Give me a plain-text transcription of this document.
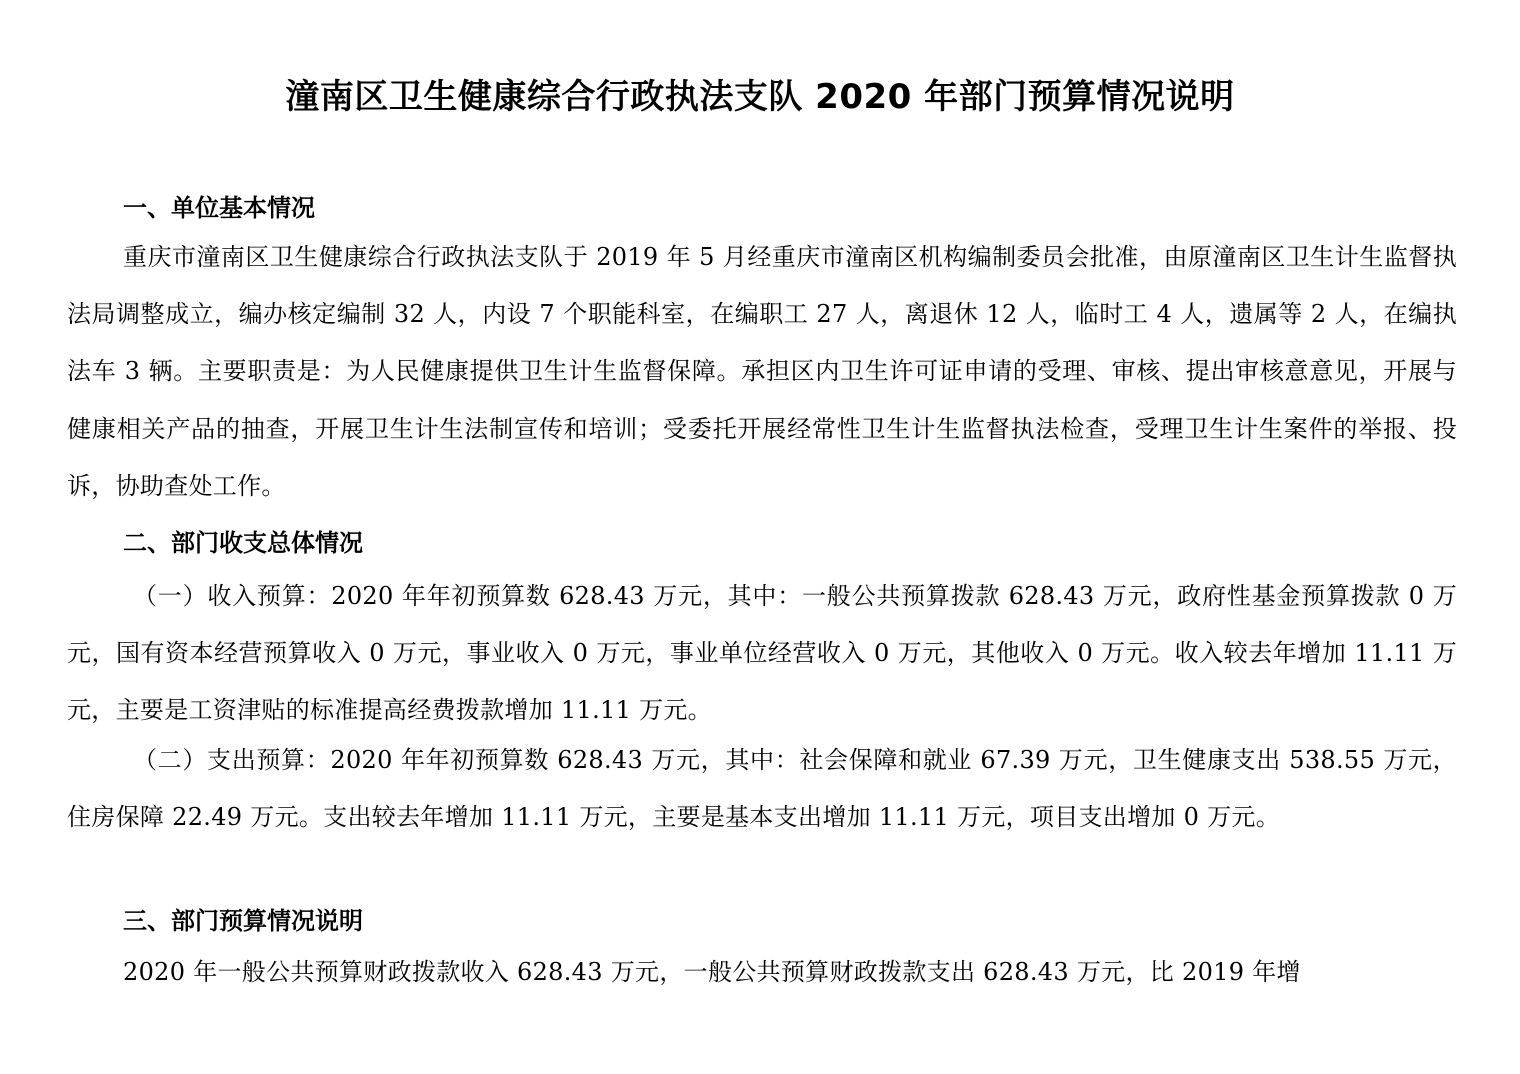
潼南区卫生健康综合行政执法支队 2020 年部门预算情况说明
一、单位基本情况

重庆市潼南区卫生健康综合行政执法支队于 2019 年 5 月经重庆市潼南区机构编制委员会批准，由原潼南区卫生计生监督执法局调整成立，编办核定编制 32 人，内设 7 个职能科室，在编职工 27 人，离退休 12 人，临时工 4 人，遗属等 2 人，在编执法车 3 辆。主要职责是：为人民健康提供卫生计生监督保障。承担区内卫生许可证申请的受理、审核、提出审核意意见，开展与健康相关产品的抽查，开展卫生计生法制宣传和培训；受委托开展经常性卫生计生监督执法检查，受理卫生计生案件的举报、投诉，协助查处工作。

二、部门收支总体情况

（一）收入预算：2020 年年初预算数 628.43 万元，其中：一般公共预算拨款 628.43 万元，政府性基金预算拨款 0 万元，国有资本经营预算收入 0 万元，事业收入 0 万元，事业单位经营收入 0 万元，其他收入 0 万元。收入较去年增加 11.11 万元，主要是工资津贴的标准提高经费拨款增加 11.11 万元。

（二）支出预算：2020 年年初预算数 628.43 万元，其中：社会保障和就业 67.39 万元，卫生健康支出 538.55 万元，住房保障 22.49 万元。支出较去年增加 11.11 万元，主要是基本支出增加 11.11 万元，项目支出增加 0 万元。

三、部门预算情况说明

2020 年一般公共预算财政拨款收入 628.43 万元，一般公共预算财政拨款支出 628.43 万元，比 2019 年增
